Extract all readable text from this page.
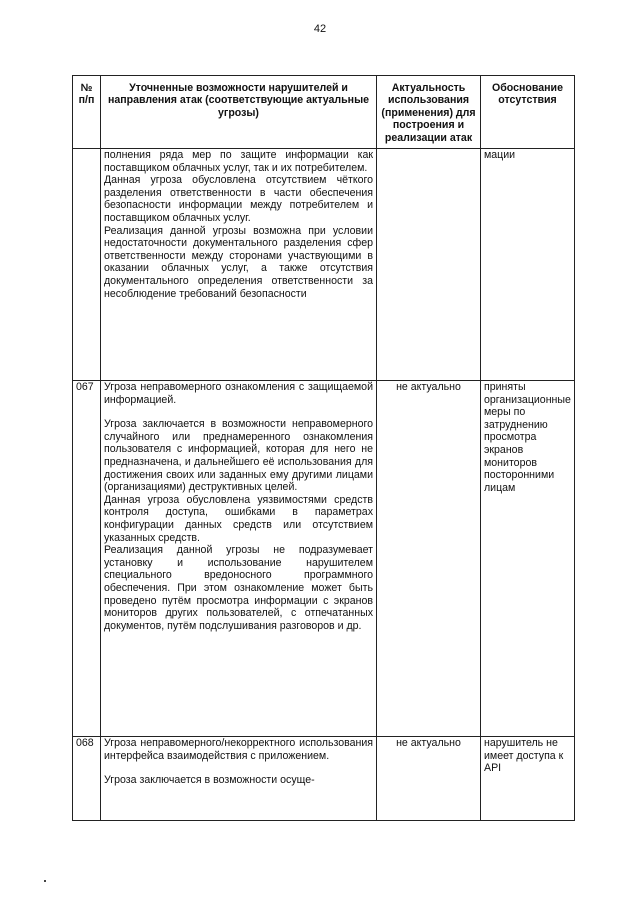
42
№ п/п	Уточненные возможности нарушителей и направления атак (соответствующие актуальные угрозы)	Актуальность использования (применения) для построения и реализации атак	Обоснование отсутствия

	полнения ряда мер по защите информации как поставщиком облачных услуг, так и их потребителем.

Данная угроза обусловлена отсутствием чёткого разделения ответственности в части обеспечения безопасности информации между потребителем и поставщиком облачных услуг.

Реализация данной угрозы возможна при условии недостаточности документального разделения сфер ответственности между сторонами участвующими в оказании облачных услуг, а также отсутствия документального определения ответственности за несоблюдение требований безопасности		мации
067	Угроза неправомерного ознакомления с защищаемой информацией.

Угроза заключается в возможности неправомерного случайного или преднамеренного ознакомления пользователя с информацией, которая для него не предназначена, и дальнейшего её использования для достижения своих или заданных ему другими лицами (организациями) деструктивных целей.

Данная угроза обусловлена уязвимостями средств контроля доступа, ошибками в параметрах конфигурации данных средств или отсутствием указанных средств.

Реализация данной угрозы не подразумевает установку и использование нарушителем специального вредоносного программного обеспечения. При этом ознакомление может быть проведено путём просмотра информации с экранов мониторов других пользователей, с отпечатанных документов, путём подслушивания разговоров и др.	не актуально	приняты организационные меры по затруднению просмотра экранов мониторов посторонними лицам
068	Угроза неправомерного/некорректного использования интерфейса взаимодействия с приложением.

Угроза заключается в возможности осуще-	не актуально	нарушитель не имеет доступа к API
